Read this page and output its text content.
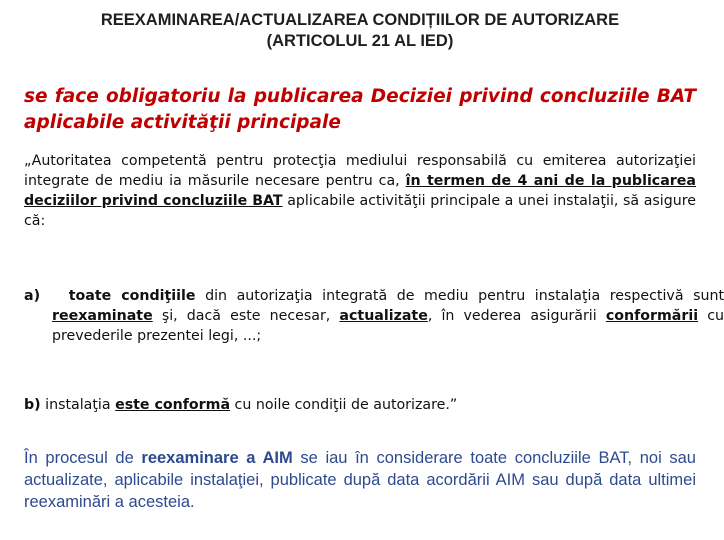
REEXAMINAREA/ACTUALIZAREA CONDIȚIILOR DE AUTORIZARE
(ARTICOLUL 21 AL IED)
se face obligatoriu la publicarea Deciziei privind concluziile BAT aplicabile activităţii principale
„Autoritatea competentă pentru protecţia mediului responsabilă cu emiterea autorizaţiei integrate de mediu ia măsurile necesare pentru ca, în termen de 4 ani de la publicarea deciziilor privind concluziile BAT aplicabile activităţii principale a unei instalaţii, să asigure că:
a) toate condiţiile din autorizaţia integrată de mediu pentru instalaţia respectivă sunt reexaminate şi, dacă este necesar, actualizate, în vederea asigurării conformării cu prevederile prezentei legi, ...;
b) instalaţia este conformă cu noile condiţii de autorizare.”
În procesul de reexaminare a AIM se iau în considerare toate concluziile BAT, noi sau actualizate, aplicabile instalaţiei, publicate după data acordării AIM sau după data ultimei reexaminări a acesteia.
